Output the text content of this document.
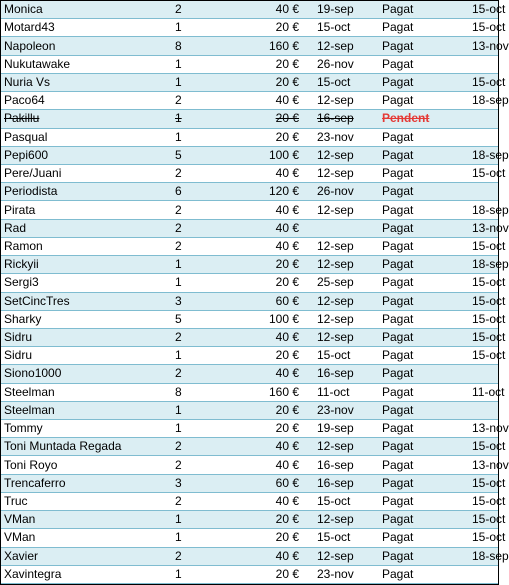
Monica	2	40 €	19-sep	Pagat	15-oct
Motard43	1	20 €	15-oct	Pagat	15-oct
Napoleon	8	160 €	12-sep	Pagat	13-nov
Nukutawake	1	20 €	26-nov	Pagat	
Nuria Vs	1	20 €	15-oct	Pagat	15-oct
Paco64	2	40 €	12-sep	Pagat	18-sep
Pakillu	1	20 €	16-sep	Pendent	
Pasqual	1	20 €	23-nov	Pagat	
Pepi600	5	100 €	12-sep	Pagat	18-sep
Pere/Juani	2	40 €	12-sep	Pagat	15-oct
Periodista	6	120 €	26-nov	Pagat	
Pirata	2	40 €	12-sep	Pagat	18-sep
Rad	2	40 €		Pagat	13-nov
Ramon	2	40 €	12-sep	Pagat	15-oct
Rickyii	1	20 €	12-sep	Pagat	18-sep
Sergi3	1	20 €	25-sep	Pagat	15-oct
SetCincTres	3	60 €	12-sep	Pagat	15-oct
Sharky	5	100 €	12-sep	Pagat	15-oct
Sidru	2	40 €	12-sep	Pagat	15-oct
Sidru	1	20 €	15-oct	Pagat	15-oct
Siono1000	2	40 €	16-sep	Pagat	
Steelman	8	160 €	11-oct	Pagat	11-oct
Steelman	1	20 €	23-nov	Pagat	
Tommy	1	20 €	19-sep	Pagat	13-nov
Toni Muntada Regada	2	40 €	12-sep	Pagat	15-oct
Toni Royo	2	40 €	16-sep	Pagat	13-nov
Trencaferro	3	60 €	16-sep	Pagat	15-oct
Truc	2	40 €	15-oct	Pagat	15-oct
VMan	1	20 €	12-sep	Pagat	15-oct
VMan	1	20 €	15-oct	Pagat	15-oct
Xavier	2	40 €	12-sep	Pagat	18-sep
Xavintegra	1	20 €	23-nov	Pagat	
